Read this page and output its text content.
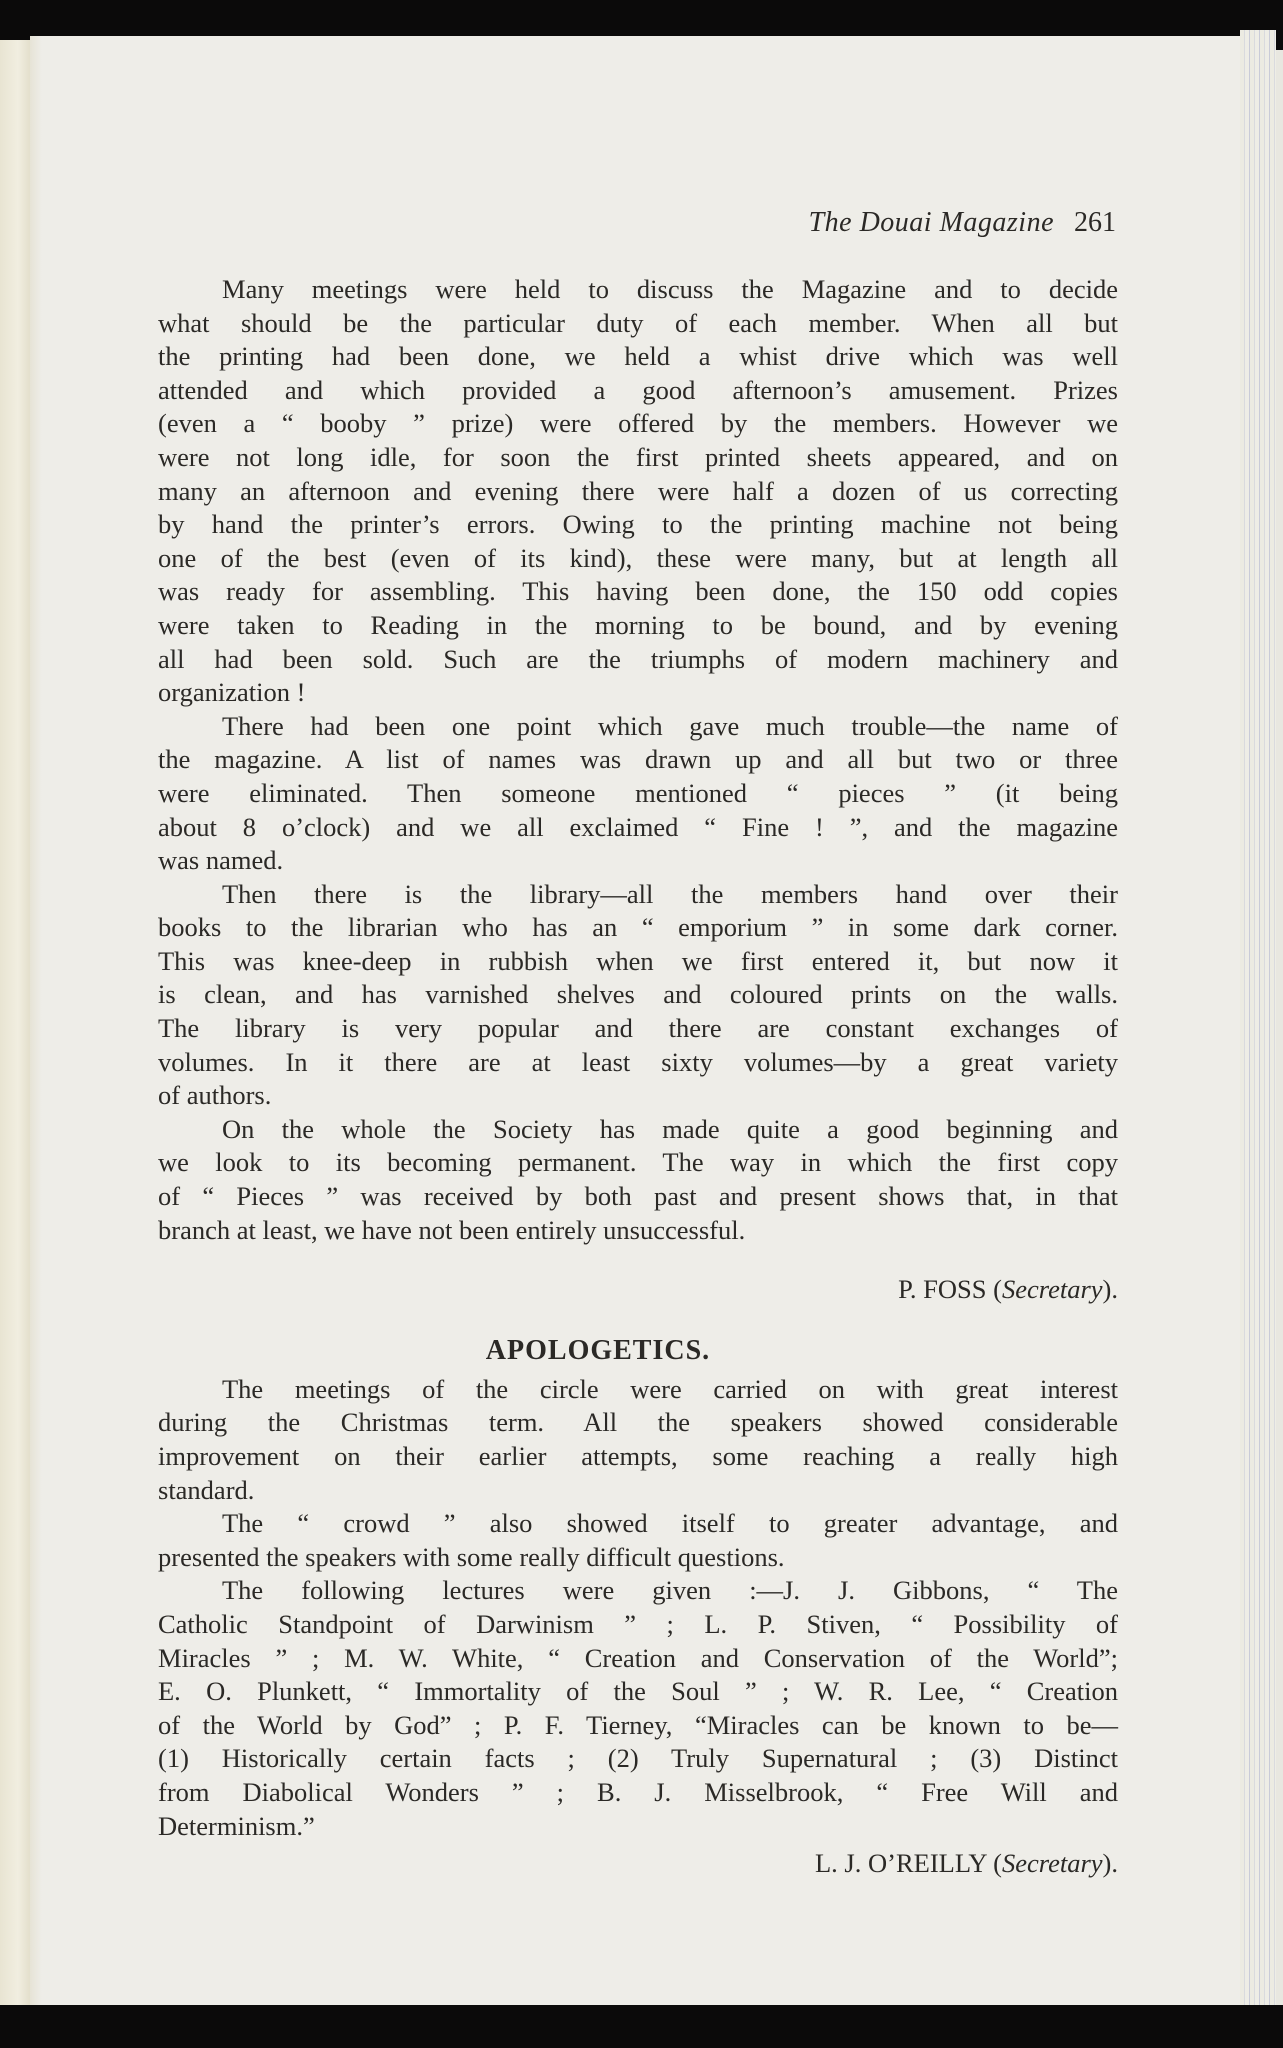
The Douai Magazine 261
Many meetings were held to discuss the Magazine and to decide
what should be the particular duty of each member. When all but
the printing had been done, we held a whist drive which was well
attended and which provided a good afternoon’s amusement. Prizes
(even a “ booby ” prize) were offered by the members. However we
were not long idle, for soon the first printed sheets appeared, and on
many an afternoon and evening there were half a dozen of us correcting
by hand the printer’s errors. Owing to the printing machine not being
one of the best (even of its kind), these were many, but at length all
was ready for assembling. This having been done, the 150 odd copies
were taken to Reading in the morning to be bound, and by evening
all had been sold. Such are the triumphs of modern machinery and
organization !
There had been one point which gave much trouble—the name of
the magazine. A list of names was drawn up and all but two or three
were eliminated. Then someone mentioned “ pieces ” (it being
about 8 o’clock) and we all exclaimed “ Fine ! ”, and the magazine
was named.
Then there is the library—all the members hand over their
books to the librarian who has an “ emporium ” in some dark corner.
This was knee-deep in rubbish when we first entered it, but now it
is clean, and has varnished shelves and coloured prints on the walls.
The library is very popular and there are constant exchanges of
volumes. In it there are at least sixty volumes—by a great variety
of authors.
On the whole the Society has made quite a good beginning and
we look to its becoming permanent. The way in which the first copy
of “ Pieces ” was received by both past and present shows that, in that
branch at least, we have not been entirely unsuccessful.
P. FOSS (Secretary).
APOLOGETICS.
The meetings of the circle were carried on with great interest
during the Christmas term. All the speakers showed considerable
improvement on their earlier attempts, some reaching a really high
standard.
The “ crowd ” also showed itself to greater advantage, and
presented the speakers with some really difficult questions.
The following lectures were given :—J. J. Gibbons, “ The
Catholic Standpoint of Darwinism ” ; L. P. Stiven, “ Possibility of
Miracles ” ; M. W. White, “ Creation and Conservation of the World”;
E. O. Plunkett, “ Immortality of the Soul ” ; W. R. Lee, “ Creation
of the World by God” ; P. F. Tierney, “Miracles can be known to be—
(1) Historically certain facts ; (2) Truly Supernatural ; (3) Distinct
from Diabolical Wonders ” ; B. J. Misselbrook, “ Free Will and
Determinism.”
L. J. O’REILLY (Secretary).
